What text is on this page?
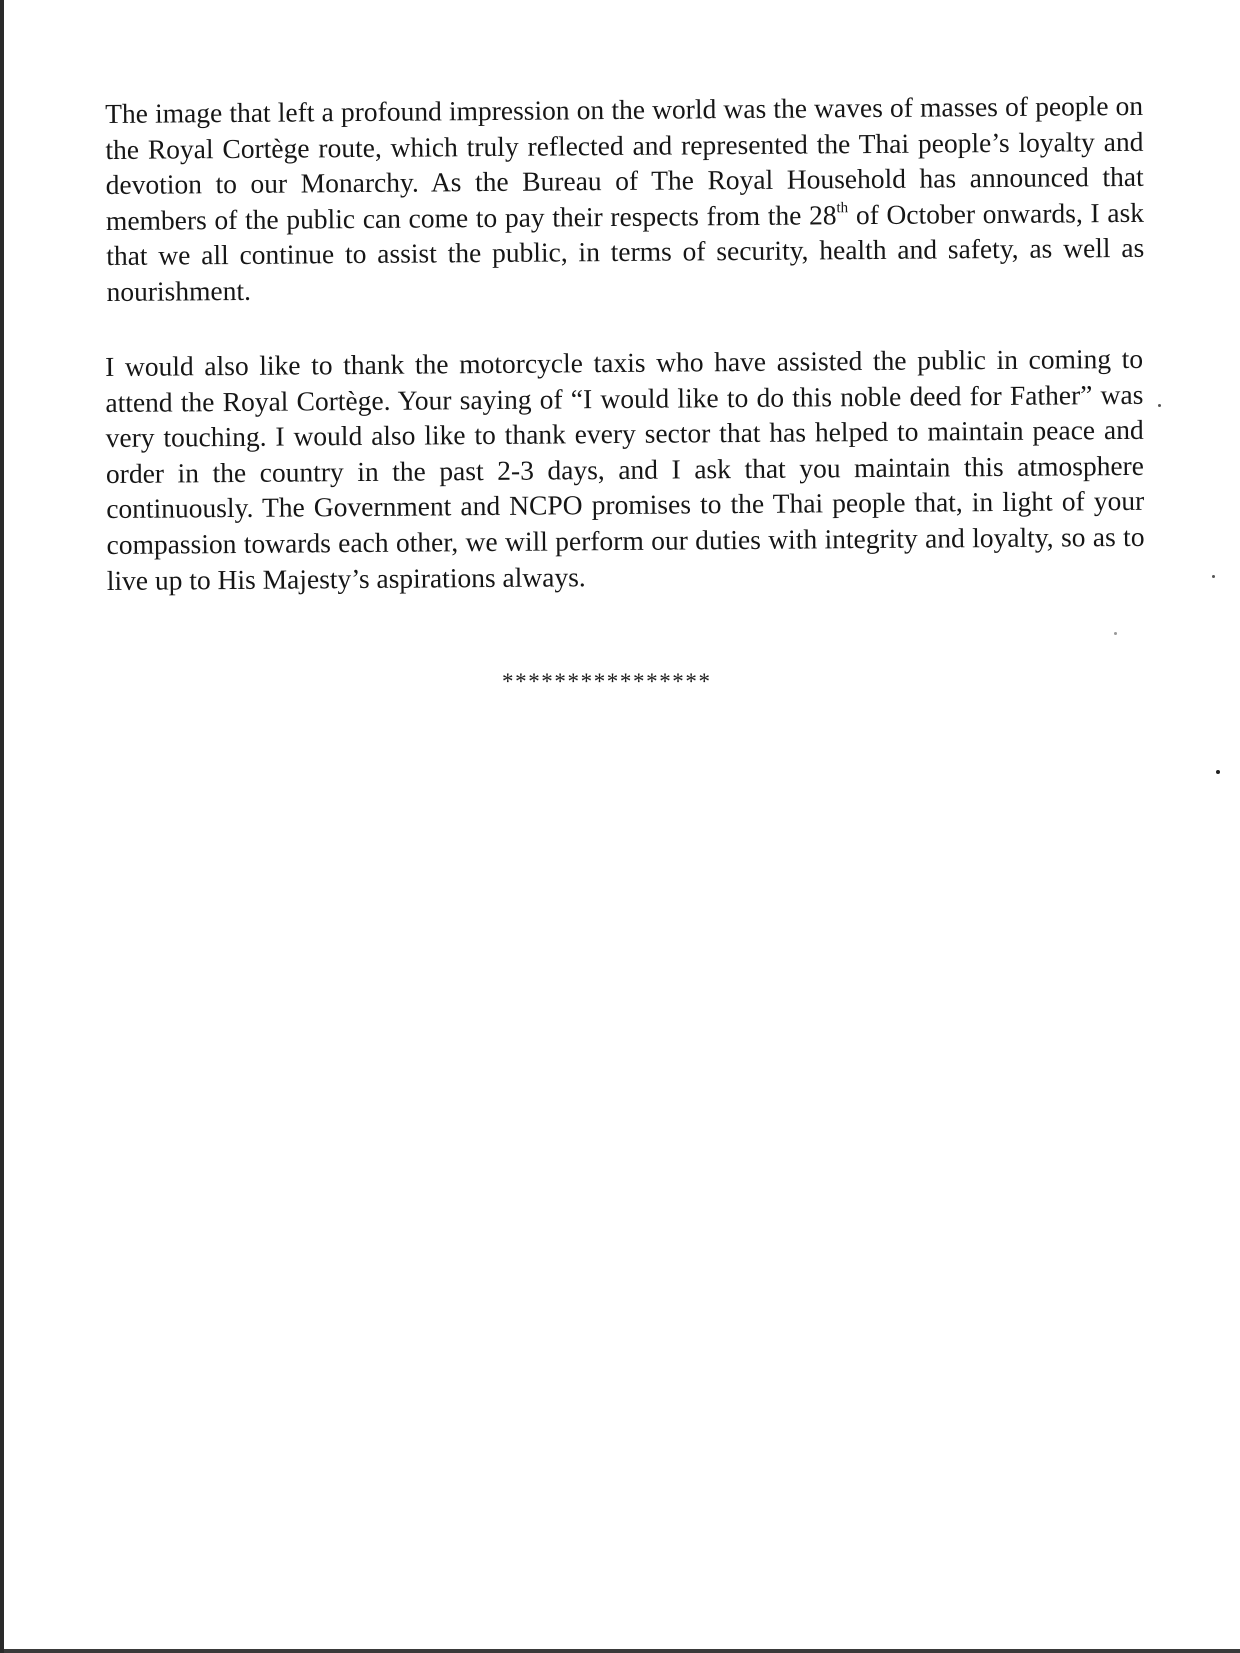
The image that left a profound impression on the world was the waves of masses of people on the Royal Cortège route, which truly reflected and represented the Thai people’s loyalty and devotion to our Monarchy. As the Bureau of The Royal Household has announced that members of the public can come to pay their respects from the 28th of October onwards, I ask that we all continue to assist the public, in terms of security, health and safety, as well as nourishment.

I would also like to thank the motorcycle taxis who have assisted the public in coming to attend the Royal Cortège. Your saying of “I would like to do this noble deed for Father” was very touching. I would also like to thank every sector that has helped to maintain peace and order in the country in the past 2-3 days, and I ask that you maintain this atmosphere continuously. The Government and NCPO promises to the Thai people that, in light of your compassion towards each other, we will perform our duties with integrity and loyalty, so as to live up to His Majesty’s aspirations always.

****************
